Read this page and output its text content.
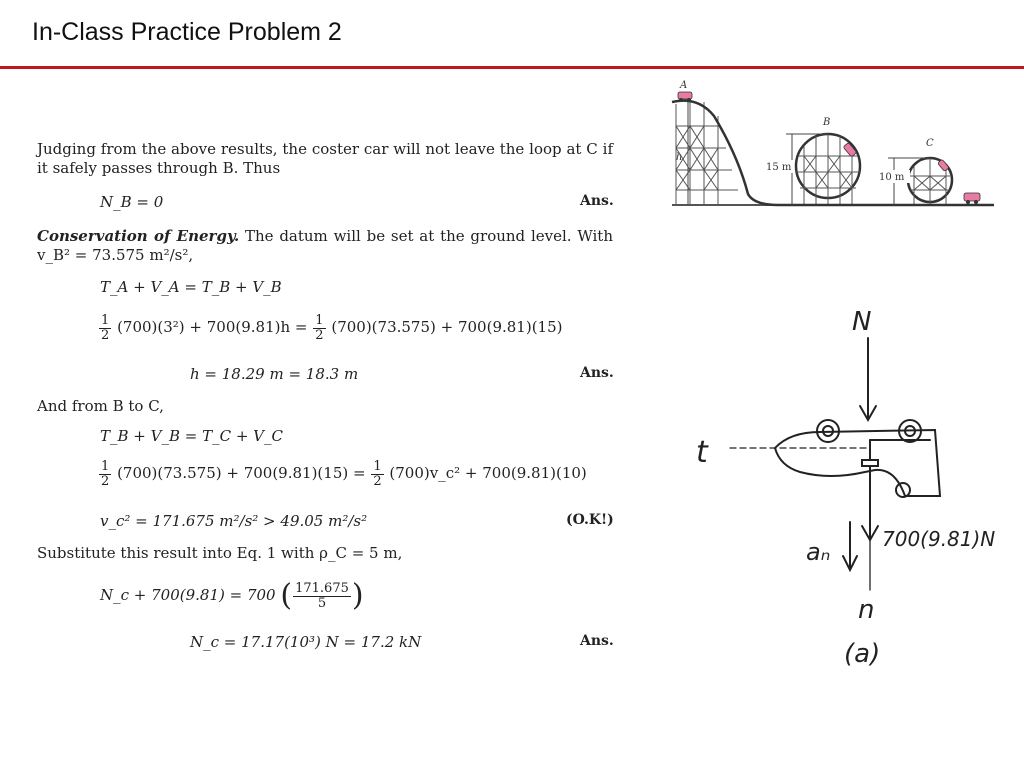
In-Class Practice Problem 2
Judging from the above results, the coster car will not leave the loop at C if it safely passes through B. Thus
N_B = 0	Ans.
Conservation of Energy. The datum will be set at the ground level. With v_B² = 73.575 m²/s²,
T_A + V_A = T_B + V_B
$\frac{1}{2} (700)(3^2) + 700(9.81)h = \frac{1}{2} (700)(73.575) + 700(9.81)(15)$
h = 18.29 m = 18.3 m	Ans.
And from B to C,
T_B + V_B = T_C + V_C
$\frac{1}{2} (700)(73.575) + 700(9.81)(15) = \frac{1}{2}$ (700)v_c² + 700(9.81)(10)
v_c² = 171.675 m²/s² > 49.05 m²/s²	(O.K!)
Substitute this result into Eq. 1 with ρ_C = 5 m,
N_c + 700(9.81) = 700 ( $\frac{171.675}{5}$ )
N_c = 17.17(10³) N = 17.2 kN	Ans.
A
B
C
h
15 m
10 m
N
t
700(9.81)N
aₙ
n
(a)
